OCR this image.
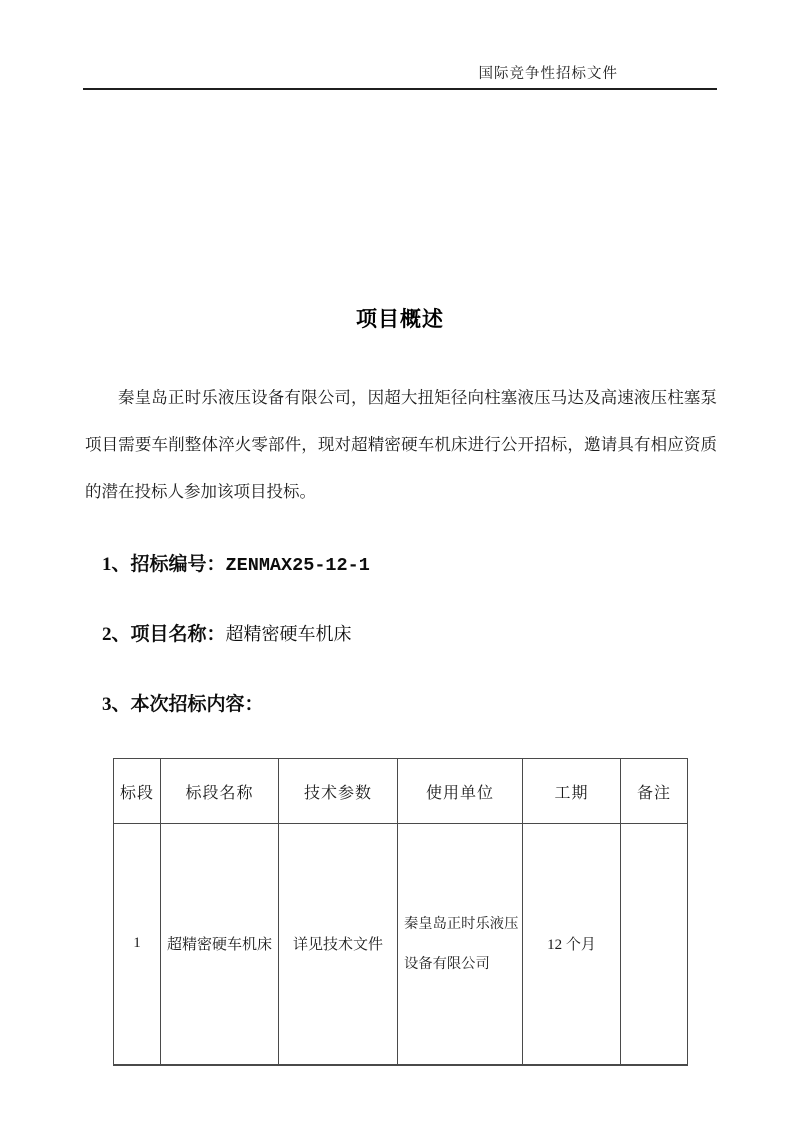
国际竞争性招标文件
项目概述
秦皇岛正时乐液压设备有限公司，因超大扭矩径向柱塞液压马达及高速液压柱塞泵项目需要车削整体淬火零部件，现对超精密硬车机床进行公开招标，邀请具有相应资质的潜在投标人参加该项目投标。
1、招标编号：ZENMAX25-12-1
2、项目名称：超精密硬车机床
3、本次招标内容：
标段	标段名称	技术参数	使用单位	工期	备注
1	超精密硬车机床	详见技术文件	秦皇岛正时乐液压设备有限公司	12 个月	
